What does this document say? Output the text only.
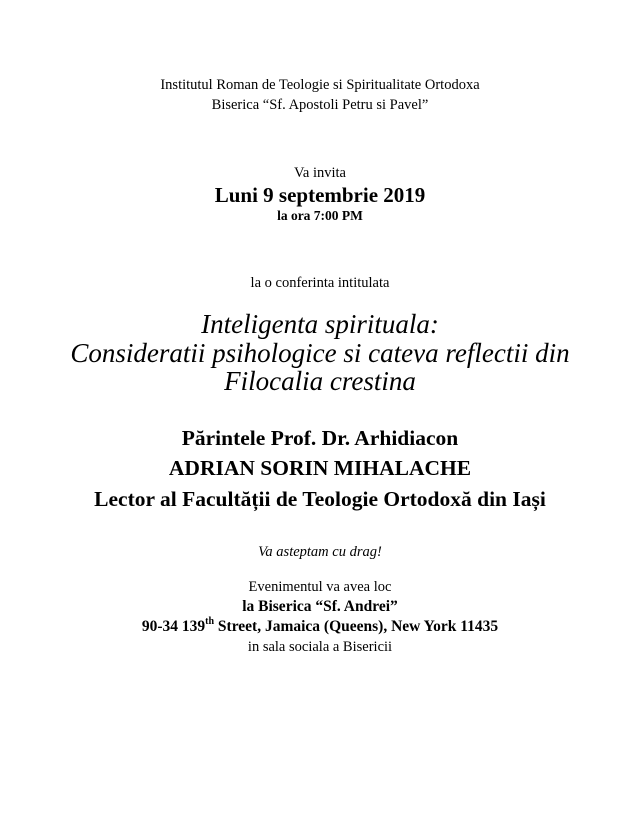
Institutul Roman de Teologie si Spiritualitate Ortodoxa
Biserica “Sf. Apostoli Petru si Pavel”
Va invita
Luni 9 septembrie 2019
la ora 7:00 PM
la o conferinta intitulata
Inteligenta spirituala:
Consideratii psihologice si cateva reflectii din
Filocalia crestina
Părintele Prof. Dr. Arhidiacon
ADRIAN SORIN MIHALACHE
Lector al Facultății de Teologie Ortodoxă din Iași
Va asteptam cu drag!
Evenimentul va avea loc
la Biserica “Sf. Andrei”
90-34 139th Street, Jamaica (Queens), New York 11435
in sala sociala a Bisericii
